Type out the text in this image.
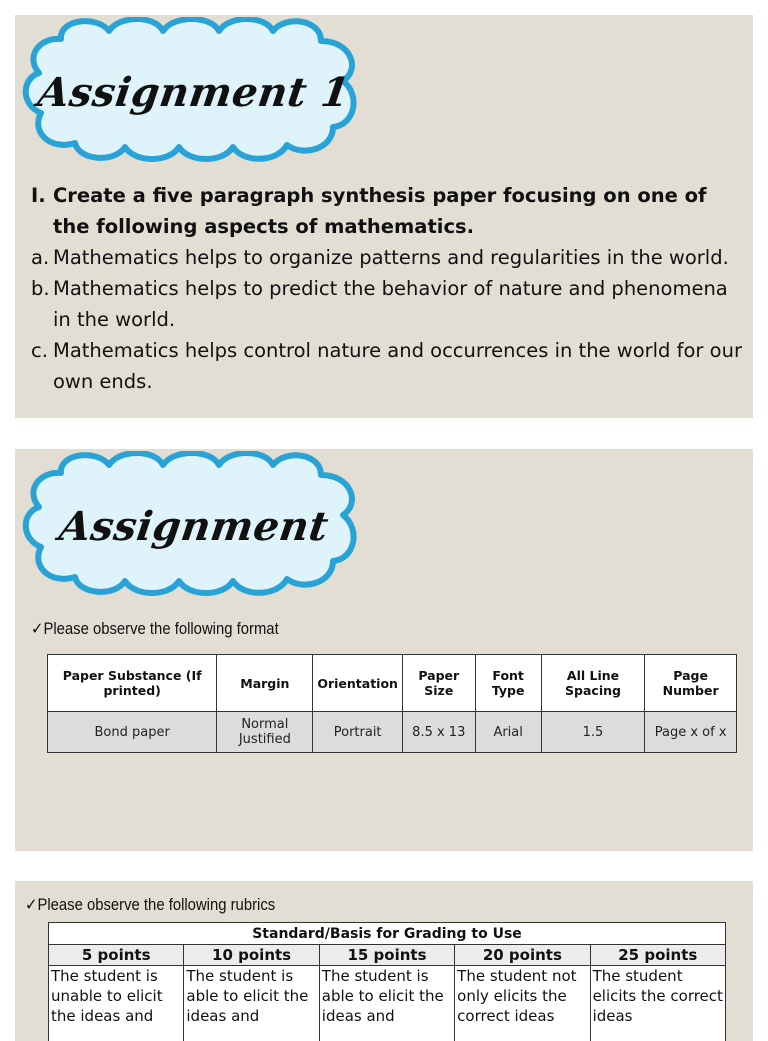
Assignment 1
I. Create a five paragraph synthesis paper focusing on one of the following aspects of mathematics.
a. Mathematics helps to organize patterns and regularities in the world.
b. Mathematics helps to predict the behavior of nature and phenomena in the world.
c. Mathematics helps control nature and occurrences in the world for our own ends.
Assignment
✓Please observe the following format
Paper Substance (If printed)	Margin	Orientation	Paper Size	Font Type	All Line Spacing	Page Number
Bond paper	Normal Justified	Portrait	8.5 x 13	Arial	1.5	Page x of x
✓Please observe the following rubrics
Standard/Basis for Grading to Use				
5 points	10 points	15 points	20 points	25 points
The student is unable to elicit the ideas and	The student is able to elicit the ideas and	The student is able to elicit the ideas and	The student not only elicits the correct ideas	The student elicits the correct ideas
